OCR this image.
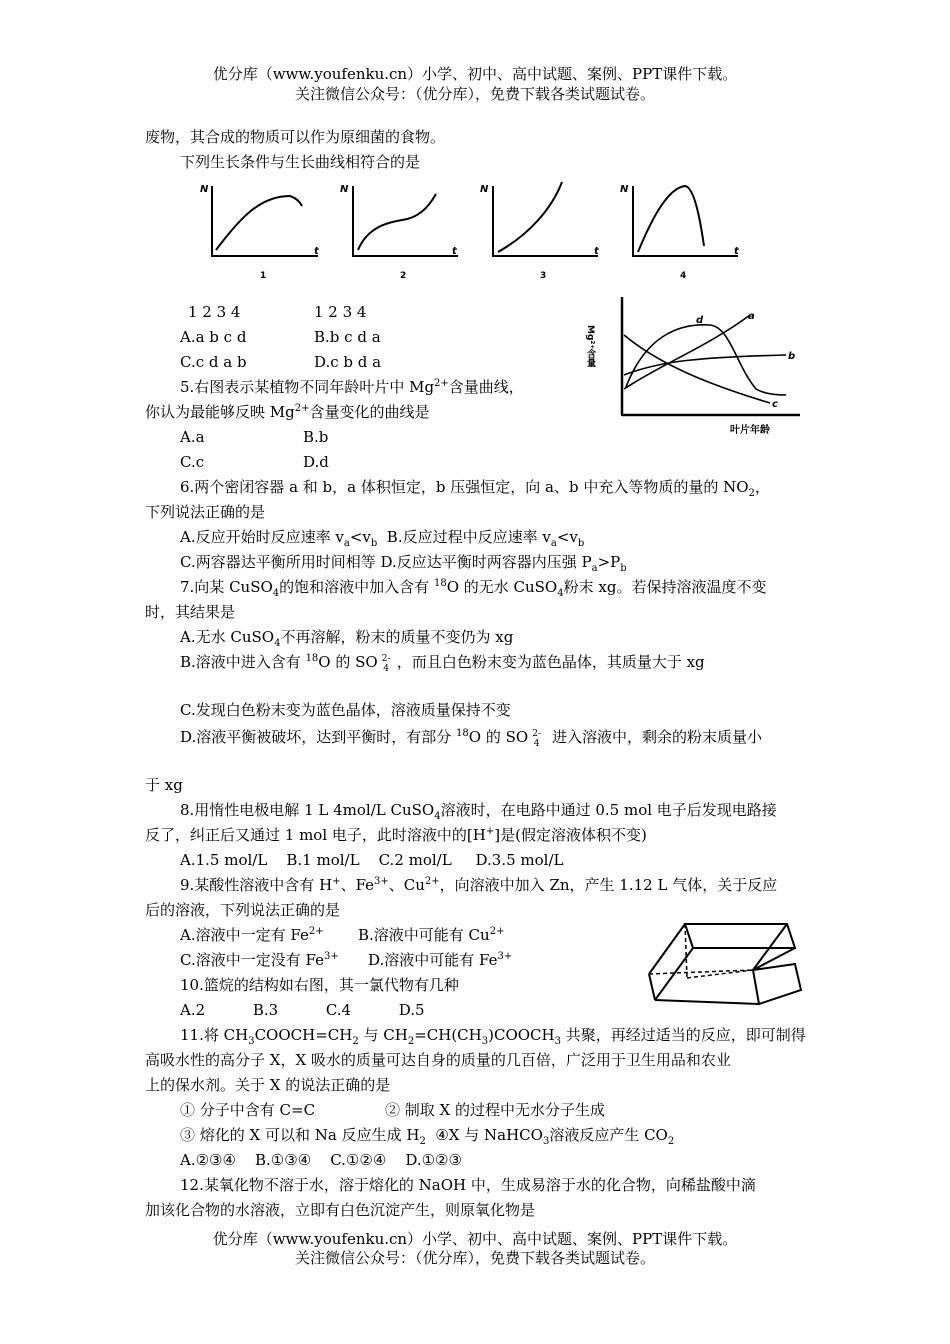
优分库（www.youfenku.cn）小学、初中、高中试题、案例、PPT课件下载。
关注微信公众号：（优分库），免费下载各类试题试卷。
废物，其合成的物质可以作为原细菌的食物。
下列生长条件与生长曲线相符合的是
N
t
N
t
N
t
N
t
1	2	3	4
1 2 3 4	1 2 3 4
A.a b c d	B.b c d a
C.c d a b	D.c b d a
a
b
c
d
Mg²⁺含量
叶片年龄
5.右图表示某植物不同年龄叶片中 $Mg^{2+}$含量曲线，
你认为最能够反映 $Mg^{2+}$含量变化的曲线是
A.a	B.b
C.c	D.d
6.两个密闭容器 a 和 b，a 体积恒定，b 压强恒定，向 a、b 中充入等物质的量的 $NO_2$，
下列说法正确的是
A.反应开始时反应速率 $v_a<v_b$  B.反应过程中反应速率 $v_a<v_b$
C.两容器达平衡所用时间相等 D.反应达平衡时两容器内压强 $P_a>P_b$
7.向某 CuSO$_4$的饱和溶液中加入含有 $^{18}$O 的无水 CuSO$_4$粉末 xg。若保持溶液温度不变
时，其结果是
A.无水 CuSO$_4$不再溶解，粉末的质量不变仍为 xg
B.溶液中进入含有 $^{18}$O 的 SO 2-
4 ，而且白色粉末变为蓝色晶体，其质量大于 xg
C.发现白色粉末变为蓝色晶体，溶液质量保持不变
D.溶液平衡被破坏，达到平衡时，有部分 $^{18}$O 的 SO 2-
4 进入溶液中，剩余的粉末质量小
于 xg
8.用惰性电极电解 1 L 4mol/L CuSO$_4$溶液时，在电路中通过 0.5 mol 电子后发现电路接
反了，纠正后又通过 1 mol 电子，此时溶液中的[H+]是(假定溶液体积不变)
A.1.5 mol/L    B.1 mol/L    C.2 mol/L     D.3.5 mol/L
9.某酸性溶液中含有 H+、$Fe^{3+}$、$Cu^{2+}$，向溶液中加入 Zn，产生 1.12 L 气体，关于反应
后的溶液，下列说法正确的是
A.溶液中一定有 $Fe^{2+}$ B.溶液中可能有 $Cu^{2+}$
C.溶液中一定没有 $Fe^{3+}$ D.溶液中可能有 $Fe^{3+}$
10.篮烷的结构如右图，其一氯代物有几种
A.2          B.3          C.4          D.5
11.将 $CH_3COOCH=CH_2$ 与 $CH_2=CH(CH_3)COOCH_3$ 共聚，再经过适当的反应，即可制得
高吸水性的高分子 X，X 吸水的质量可达自身的质量的几百倍，广泛用于卫生用品和农业
上的保水剂。关于 X 的说法正确的是
① 分子中含有 C=C	② 制取 X 的过程中无水分子生成
③ 熔化的 X 可以和 Na 反应生成 $H_2$  ④X 与 NaHCO$_3$溶液反应产生 $CO_2$
A.②③④    B.①③④    C.①②④    D.①②③
12.某氧化物不溶于水，溶于熔化的 NaOH 中，生成易溶于水的化合物，向稀盐酸中滴
加该化合物的水溶液，立即有白色沉淀产生，则原氧化物是
优分库（www.youfenku.cn）小学、初中、高中试题、案例、PPT课件下载。
关注微信公众号：（优分库），免费下载各类试题试卷。
